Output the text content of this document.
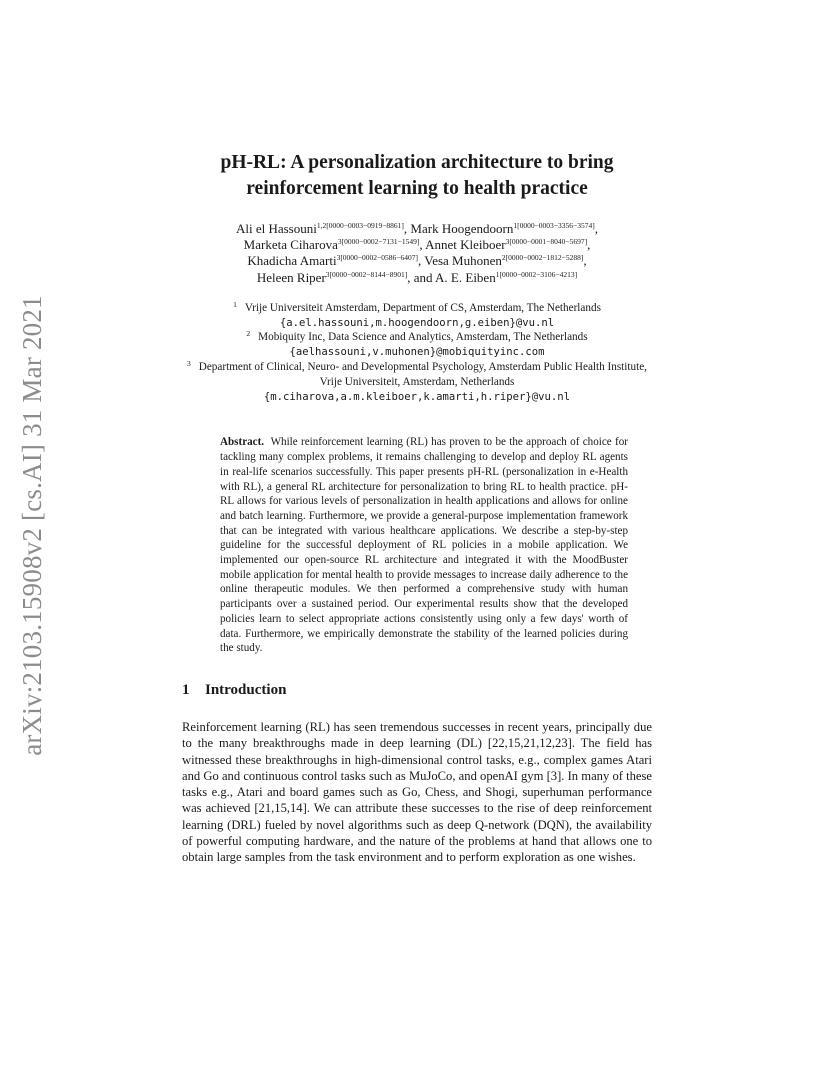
arXiv:2103.15908v2 [cs.AI] 31 Mar 2021
pH-RL: A personalization architecture to bring
reinforcement learning to health practice
Ali el Hassouni$^{1,2[0000-0003-0919-8861]}$, Mark Hoogendoorn$^{1[0000-0003-3356-3574]}$,
Marketa Ciharova$^{3[0000-0002-7131-1549]}$, Annet Kleiboer$^{3[0000-0001-8040-5697]}$,
Khadicha Amarti$^{3[0000-0002-0586-6407]}$, Vesa Muhonen$^{2[0000-0002-1812-5288]}$,
Heleen Riper$^{3[0000-0002-8144-8901]}$, and A. E. Eiben$^{1[0000-0002-3106-4213]}$
$^1$ Vrije Universiteit Amsterdam, Department of CS, Amsterdam, The Netherlands
{a.el.hassouni,m.hoogendoorn,g.eiben}@vu.nl
$^2$ Mobiquity Inc, Data Science and Analytics, Amsterdam, The Netherlands
{aelhassouni,v.muhonen}@mobiquityinc.com
$^3$ Department of Clinical, Neuro- and Developmental Psychology, Amsterdam Public Health Institute, Vrije Universiteit, Amsterdam, Netherlands
{m.ciharova,a.m.kleiboer,k.amarti,h.riper}@vu.nl
Abstract. While reinforcement learning (RL) has proven to be the approach of choice for tackling many complex problems, it remains challenging to develop and deploy RL agents in real-life scenarios successfully. This paper presents pH-RL (personalization in e-Health with RL), a general RL architecture for personalization to bring RL to health practice. pH-RL allows for various levels of personalization in health applications and allows for online and batch learning. Furthermore, we provide a general-purpose implementation framework that can be integrated with various healthcare applications. We describe a step-by-step guideline for the successful deployment of RL policies in a mobile application. We implemented our open-source RL architecture and integrated it with the MoodBuster mobile application for mental health to provide messages to increase daily adherence to the online therapeutic modules. We then performed a comprehensive study with human participants over a sustained period. Our experimental results show that the developed policies learn to select appropriate actions consistently using only a few days' worth of data. Furthermore, we empirically demonstrate the stability of the learned policies during the study.
1 Introduction

Reinforcement learning (RL) has seen tremendous successes in recent years, principally due to the many breakthroughs made in deep learning (DL) [22,15,21,12,23]. The field has witnessed these breakthroughs in high-dimensional control tasks, e.g., complex games Atari and Go and continuous control tasks such as MuJoCo, and openAI gym [3]. In many of these tasks e.g., Atari and board games such as Go, Chess, and Shogi, superhuman performance was achieved [21,15,14]. We can attribute these successes to the rise of deep reinforcement learning (DRL) fueled by novel algorithms such as deep Q-network (DQN), the availability of powerful computing hardware, and the nature of the problems at hand that allows one to obtain large samples from the task environment and to perform exploration as one wishes.
